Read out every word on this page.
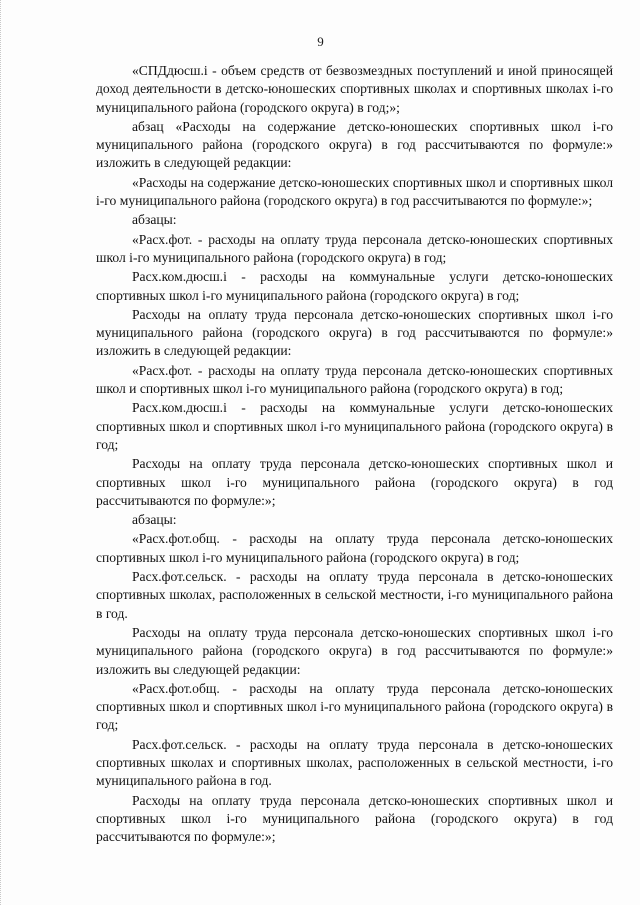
9

«СПДдюсш.i - объем средств от безвозмездных поступлений и иной приносящей доход деятельности в детско-юношеских спортивных школах и спортивных школах i-го муниципального района (городского округа) в год;»;

абзац «Расходы на содержание детско-юношеских спортивных школ i-го муниципального района (городского округа) в год рассчитываются по формуле:» изложить в следующей редакции:

«Расходы на содержание детско-юношеских спортивных школ и спортивных школ i-го муниципального района (городского округа) в год рассчитываются по формуле:»;

абзацы:

«Расх.фот. - расходы на оплату труда персонала детско-юношеских спортивных школ i-го муниципального района (городского округа) в год;

Расх.ком.дюсш.i - расходы на коммунальные услуги детско-юношеских спортивных школ i-го муниципального района (городского округа) в год;

Расходы на оплату труда персонала детско-юношеских спортивных школ i-го муниципального района (городского округа) в год рассчитываются по формуле:» изложить в следующей редакции:

«Расх.фот. - расходы на оплату труда персонала детско-юношеских спортивных школ и спортивных школ i-го муниципального района (городского округа) в год;

Расх.ком.дюсш.i - расходы на коммунальные услуги детско-юношеских спортивных школ и спортивных школ i-го муниципального района (городского округа) в год;

Расходы на оплату труда персонала детско-юношеских спортивных школ и спортивных школ i-го муниципального района (городского округа) в год рассчитываются по формуле:»;

абзацы:

«Расх.фот.общ. - расходы на оплату труда персонала детско-юношеских спортивных школ i-го муниципального района (городского округа) в год;

Расх.фот.сельск. - расходы на оплату труда персонала в детско-юношеских спортивных школах, расположенных в сельской местности, i-го муниципального района в год.

Расходы на оплату труда персонала детско-юношеских спортивных школ i-го муниципального района (городского округа) в год рассчитываются по формуле:» изложить вы следующей редакции:

«Расх.фот.общ. - расходы на оплату труда персонала детско-юношеских спортивных школ и спортивных школ i-го муниципального района (городского округа) в год;

Расх.фот.сельск. - расходы на оплату труда персонала в детско-юношеских спортивных школах и спортивных школах, расположенных в сельской местности, i-го муниципального района в год.

Расходы на оплату труда персонала детско-юношеских спортивных школ и спортивных школ i-го муниципального района (городского округа) в год рассчитываются по формуле:»;
